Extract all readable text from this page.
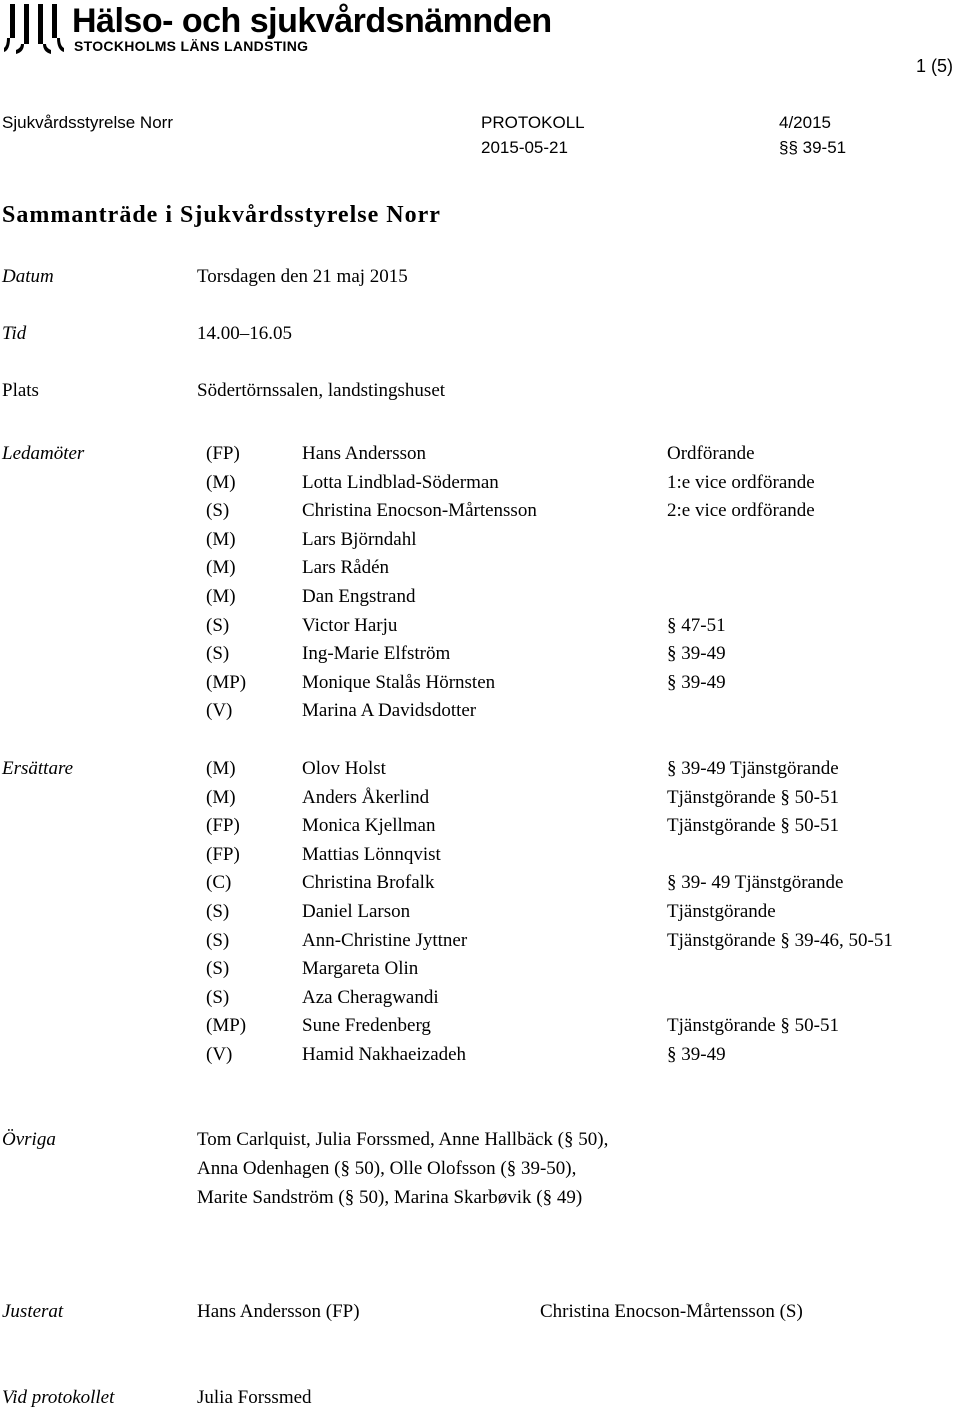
Hälso- och sjukvårdsnämnden
STOCKHOLMS LÄNS LANDSTING
1 (5)
Sjukvårdsstyrelse Norr	PROTOKOLL	4/2015
2015-05-21	§§ 39-51
Sammanträde i Sjukvårdsstyrelse Norr
Datum	Torsdagen den 21 maj 2015
Tid	14.00–16.05
Plats	Södertörnssalen, landstingshuset
Ledamöter	(FP)	Hans Andersson	Ordförande
(M)	Lotta Lindblad-Söderman	1:e vice ordförande
(S)	Christina Enocson-Mårtensson	2:e vice ordförande
(M)	Lars Björndahl
(M)	Lars Rådén
(M)	Dan Engstrand
(S)	Victor Harju	§ 47-51
(S)	Ing-Marie Elfström	§ 39-49
(MP)	Monique Stalås Hörnsten	§ 39-49
(V)	Marina A Davidsdotter
Ersättare	(M)	Olov Holst	§ 39-49 Tjänstgörande
(M)	Anders Åkerlind	Tjänstgörande § 50-51
(FP)	Monica Kjellman	Tjänstgörande § 50-51
(FP)	Mattias Lönnqvist
(C)	Christina Brofalk	§ 39- 49 Tjänstgörande
(S)	Daniel Larson	Tjänstgörande
(S)	Ann-Christine Jyttner	Tjänstgörande § 39-46, 50-51
(S)	Margareta Olin
(S)	Aza Cheragwandi
(MP)	Sune Fredenberg	Tjänstgörande § 50-51
(V)	Hamid Nakhaeizadeh	§ 39-49
Övriga	Tom Carlquist, Julia Forssmed, Anne Hallbäck (§ 50),
Anna Odenhagen (§ 50), Olle Olofsson (§ 39-50),
Marite Sandström (§ 50), Marina Skarbøvik (§ 49)
Justerat	Hans Andersson (FP)	Christina Enocson-Mårtensson (S)
Vid protokollet	Julia Forssmed
